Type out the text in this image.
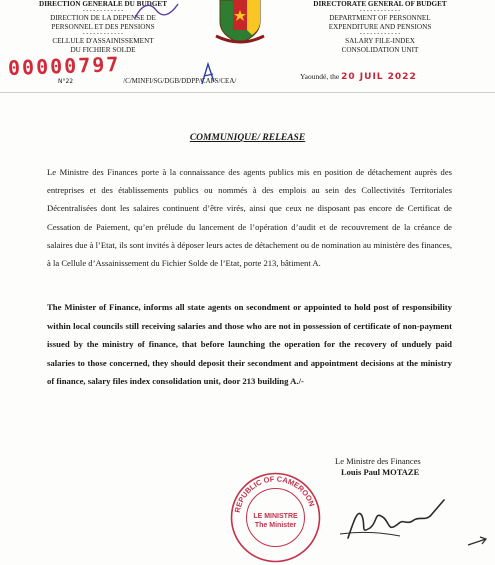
DIRECTION GENERALE DU BUDGET
- - - - - - - - - - - -
DIRECTION DE LA DEPENSE DE
PERSONNEL ET DES PENSIONS
- - - - - - - - - - - -
CELLULE D'ASSAINISSEMENT
DU FICHIER SOLDE
DIRECTORATE GENERAL OF BUDGET
- - - - - - - - - - - -
DEPARTMENT OF PERSONNEL
EXPENDITURE AND PENSIONS
- - - - - - - - - - - -
SALARY FILE-INDEX
CONSOLIDATION UNIT
00000797
N°22	/C/MINFI/SG/DGB/DDPP/CAFS/CEA/	Yaoundé, the 20 JUIL 2022
COMMUNIQUE/ RELEASE
Le Ministre des Finances porte à la connaissance des agents publics mis en position de détachement auprès des entreprises et des établissements publics ou nommés à des emplois au sein des Collectivités Territoriales Décentralisées dont les salaires continuent d’être virés, ainsi que ceux ne disposant pas encore de Certificat de Cessation de Paiement, qu’en prélude du lancement de l’opération d’audit et de recouvrement de la créance de salaires due à l’Etat, ils sont invités à déposer leurs actes de détachement ou de nomination au ministère des finances, à la Cellule d’Assainissement du Fichier Solde de l’Etat, porte 213, bâtiment A.
The Minister of Finance, informs all state agents on secondment or appointed to hold post of responsibility within local councils still receiving salaries and those who are not in possession of certificate of non-payment issued by the ministry of finance, that before launching the operation for the recovery of unduely paid salaries to those concerned, they should deposit their secondment and appointment decisions at the ministry of finance, salary files index consolidation unit, door 213 building A./-
Le Ministre des Finances
Louis Paul MOTAZE
REPUBLIC OF CAMEROON
LE MINISTRE
The Minister
